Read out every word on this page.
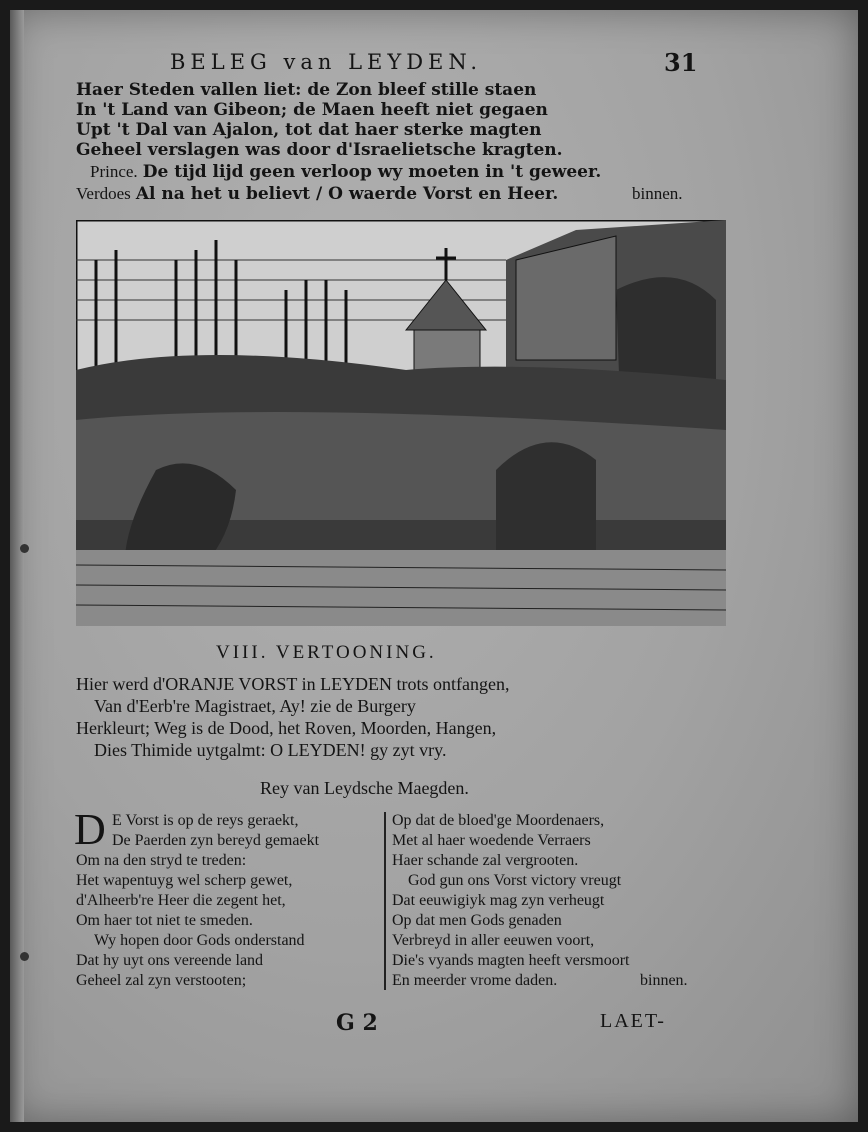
BELEG van LEYDEN.	31
Haer Steden vallen liet: de Zon bleef stille staen
In 't Land van Gibeon; de Maen heeft niet gegaen
Upt 't Dal van Ajalon, tot dat haer sterke magten
Geheel verslagen was door d'Israelietsche kragten.
Prince. De tijd lijd geen verloop wy moeten in 't geweer.
Verdoes Al na het u believt / O waerde Vorst en Heer.	binnen.
VIII. VERTOONING.
Hier werd d'ORANJE VORST in LEYDEN trots ontfangen,
Van d'Eerb're Magistraet, Ay! zie de Burgery
Herkleurt; Weg is de Dood, het Roven, Moorden, Hangen,
Dies Thimide uytgalmt: O LEYDEN! gy zyt vry.
Rey van Leydsche Maegden.
D E Vorst is op de reys geraekt,
De Paerden zyn bereyd gemaekt
Om na den stryd te treden:
Het wapentuyg wel scherp gewet,
d'Alheerb're Heer die zegent het,
Om haer tot niet te smeden.
Wy hopen door Gods onderstand
Dat hy uyt ons vereende land
Geheel zal zyn verstooten;
Op dat de bloed'ge Moordenaers,
Met al haer woedende Verraers
Haer schande zal vergrooten.
God gun ons Vorst victory vreugt
Dat eeuwigiyk mag zyn verheugt
Op dat men Gods genaden
Verbreyd in aller eeuwen voort,
Die's vyands magten heeft versmoort
En meerder vrome daden.	binnen.
G 2	LAET-
